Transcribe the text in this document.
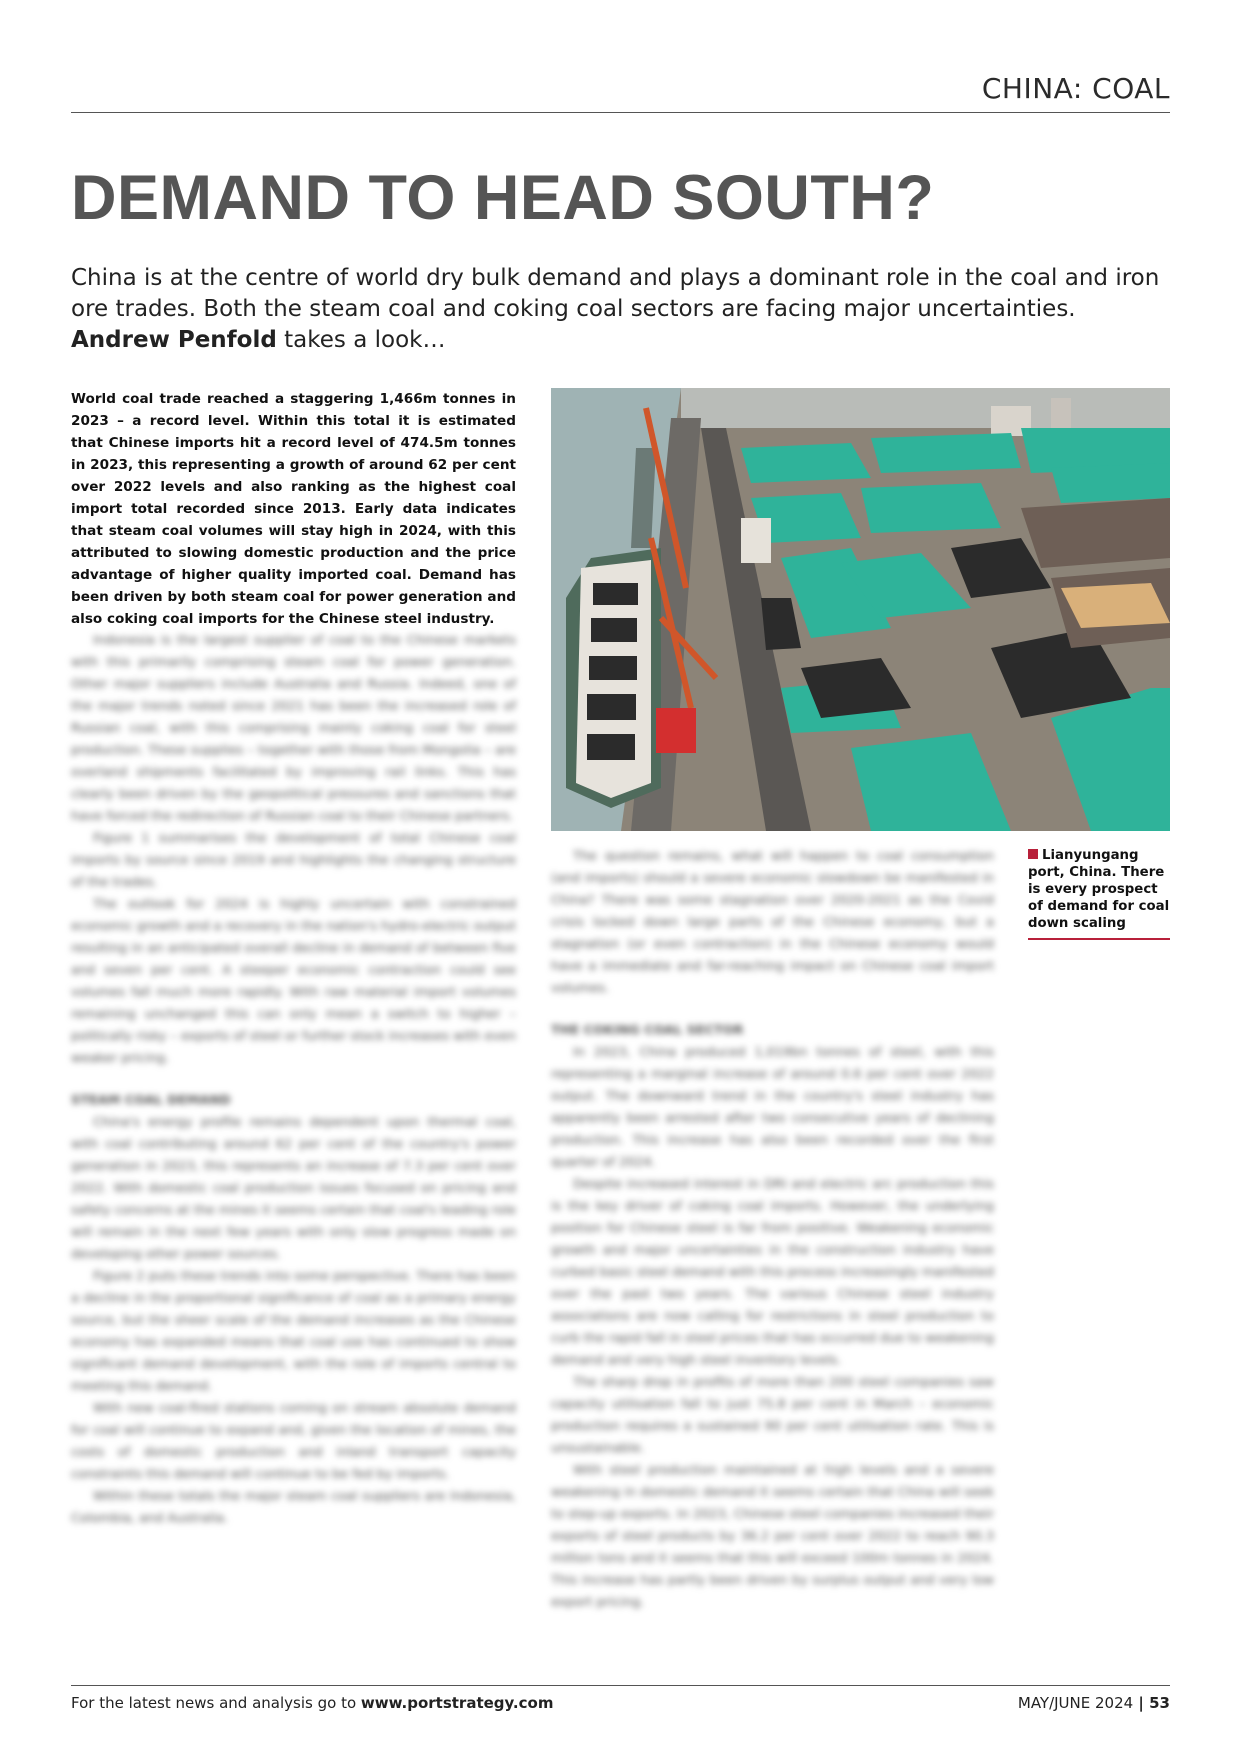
CHINA: COAL
DEMAND TO HEAD SOUTH?
China is at the centre of world dry bulk demand and plays a dominant role in the coal and iron ore trades. Both the steam coal and coking coal sectors are facing major uncertainties. Andrew Penfold takes a look…

World coal trade reached a staggering 1,466m tonnes in 2023 – a record level. Within this total it is estimated that Chinese imports hit a record level of 474.5m tonnes in 2023, this representing a growth of around 62 per cent over 2022 levels and also ranking as the highest coal import total recorded since 2013. Early data indicates that steam coal volumes will stay high in 2024, with this attributed to slowing domestic production and the price advantage of higher quality imported coal. Demand has been driven by both steam coal for power generation and also coking coal imports for the Chinese steel industry.

Indonesia is the largest supplier of coal to the Chinese markets with this primarily comprising steam coal for power generation. Other major suppliers include Australia and Russia. Indeed, one of the major trends noted since 2021 has been the increased role of Russian coal, with this comprising mainly coking coal for steel production. These supplies – together with those from Mongolia – are overland shipments facilitated by improving rail links. This has clearly been driven by the geopolitical pressures and sanctions that have forced the redirection of Russian coal to their Chinese partners.

Figure 1 summarises the development of total Chinese coal imports by source since 2019 and highlights the changing structure of the trades.

The outlook for 2024 is highly uncertain with constrained economic growth and a recovery in the nation's hydro-electric output resulting in an anticipated overall decline in demand of between five and seven per cent. A steeper economic contraction could see volumes fall much more rapidly. With raw material import volumes remaining unchanged this can only mean a switch to higher – politically risky – exports of steel or further stock increases with even weaker pricing.

STEAM COAL DEMAND

China's energy profile remains dependent upon thermal coal, with coal contributing around 62 per cent of the country's power generation in 2023, this represents an increase of 7.3 per cent over 2022. With domestic coal production issues focused on pricing and safety concerns at the mines it seems certain that coal's leading role will remain in the next few years with only slow progress made on developing other power sources.

Figure 2 puts these trends into some perspective. There has been a decline in the proportional significance of coal as a primary energy source, but the sheer scale of the demand increases as the Chinese economy has expanded means that coal use has continued to show significant demand development, with the role of imports central to meeting this demand.

With new coal-fired stations coming on stream absolute demand for coal will continue to expand and, given the location of mines, the costs of domestic production and inland transport capacity constraints this demand will continue to be fed by imports.

Within these totals the major steam coal suppliers are Indonesia, Colombia, and Australia.

Lianyungang port, China. There is every prospect of demand for coal down scaling

The question remains, what will happen to coal consumption (and imports) should a severe economic slowdown be manifested in China? There was some stagnation over 2020-2021 as the Covid crisis locked down large parts of the Chinese economy, but a stagnation (or even contraction) in the Chinese economy would have a immediate and far-reaching impact on Chinese coal import volumes.

THE COKING COAL SECTOR

In 2023, China produced 1,019bn tonnes of steel, with this representing a marginal increase of around 0.6 per cent over 2022 output. The downward trend in the country's steel industry has apparently been arrested after two consecutive years of declining production. This increase has also been recorded over the first quarter of 2024.

Despite increased interest in DRI and electric arc production this is the key driver of coking coal imports. However, the underlying position for Chinese steel is far from positive. Weakening economic growth and major uncertainties in the construction industry have curbed basic steel demand with this process increasingly manifested over the past two years. The various Chinese steel industry associations are now calling for restrictions in steel production to curb the rapid fall in steel prices that has occurred due to weakening demand and very high steel inventory levels.

The sharp drop in profits of more than 200 steel companies saw capacity utilisation fall to just 75.8 per cent in March – economic production requires a sustained 90 per cent utilisation rate. This is unsustainable.

With steel production maintained at high levels and a severe weakening in domestic demand it seems certain that China will seek to step-up exports. In 2023, Chinese steel companies increased their exports of steel products by 36.2 per cent over 2022 to reach 90.3 million tons and it seems that this will exceed 100m tonnes in 2024. This increase has partly been driven by surplus output and very low export pricing.

For the latest news and analysis go to www.portstrategy.com	MAY/JUNE 2024 | 53
